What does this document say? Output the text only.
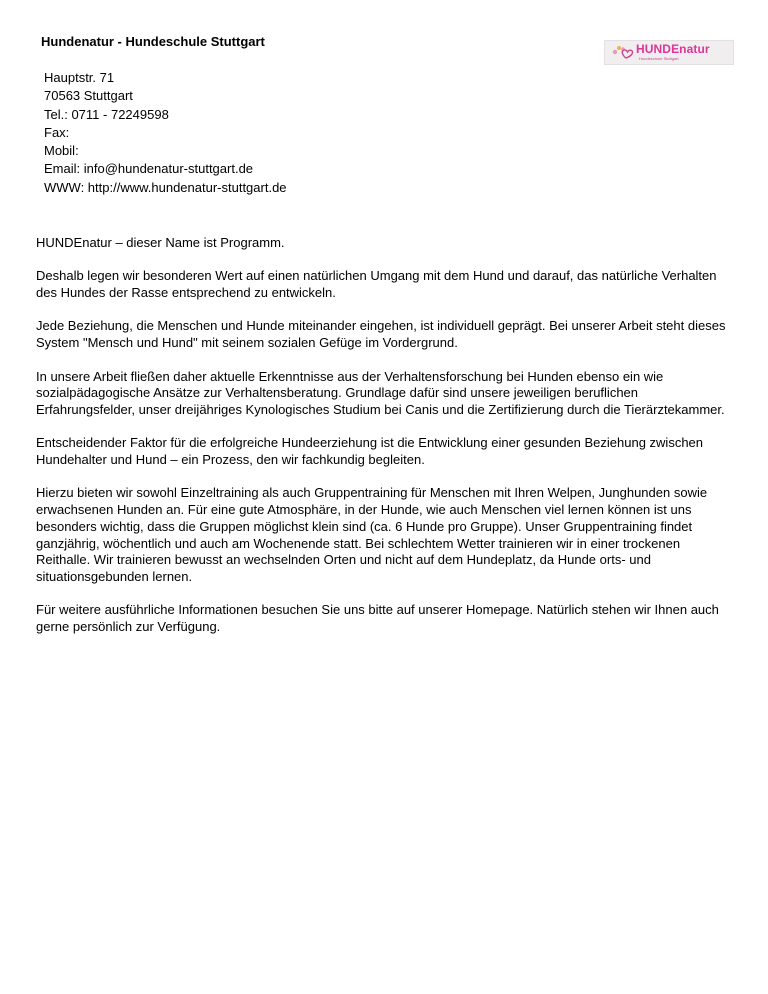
Hundenatur - Hundeschule Stuttgart	HUNDEnatur
Hundeschule Stuttgart
Hauptstr. 71
70563 Stuttgart
Tel.: 0711 - 72249598
Fax:
Mobil:
Email: info@hundenatur-stuttgart.de
WWW: http://www.hundenatur-stuttgart.de

HUNDEnatur – dieser Name ist Programm.

Deshalb legen wir besonderen Wert auf einen natürlichen Umgang mit dem Hund und darauf, das natürliche Verhalten des Hundes der Rasse entsprechend zu entwickeln.

Jede Beziehung, die Menschen und Hunde miteinander eingehen, ist individuell geprägt. Bei unserer Arbeit steht dieses System "Mensch und Hund" mit seinem sozialen Gefüge im Vordergrund.

In unsere Arbeit fließen daher aktuelle Erkenntnisse aus der Verhaltensforschung bei Hunden ebenso ein wie sozialpädagogische Ansätze zur Verhaltensberatung. Grundlage dafür sind unsere jeweiligen beruflichen Erfahrungsfelder, unser dreijähriges Kynologisches Studium bei Canis und die Zertifizierung durch die Tierärztekammer.

Entscheidender Faktor für die erfolgreiche Hundeerziehung ist die Entwicklung einer gesunden Beziehung zwischen Hundehalter und Hund – ein Prozess, den wir fachkundig begleiten.

Hierzu bieten wir sowohl Einzeltraining als auch Gruppentraining für Menschen mit Ihren Welpen, Junghunden sowie erwachsenen Hunden an. Für eine gute Atmosphäre, in der Hunde, wie auch Menschen viel lernen können ist uns besonders wichtig, dass die Gruppen möglichst klein sind (ca. 6 Hunde pro Gruppe). Unser Gruppentraining findet ganzjährig, wöchentlich und auch am Wochenende statt. Bei schlechtem Wetter trainieren wir in einer trockenen Reithalle. Wir trainieren bewusst an wechselnden Orten und nicht auf dem Hundeplatz, da Hunde orts- und situationsgebunden lernen.

Für weitere ausführliche Informationen besuchen Sie uns bitte auf unserer Homepage. Natürlich stehen wir Ihnen auch gerne persönlich zur Verfügung.
